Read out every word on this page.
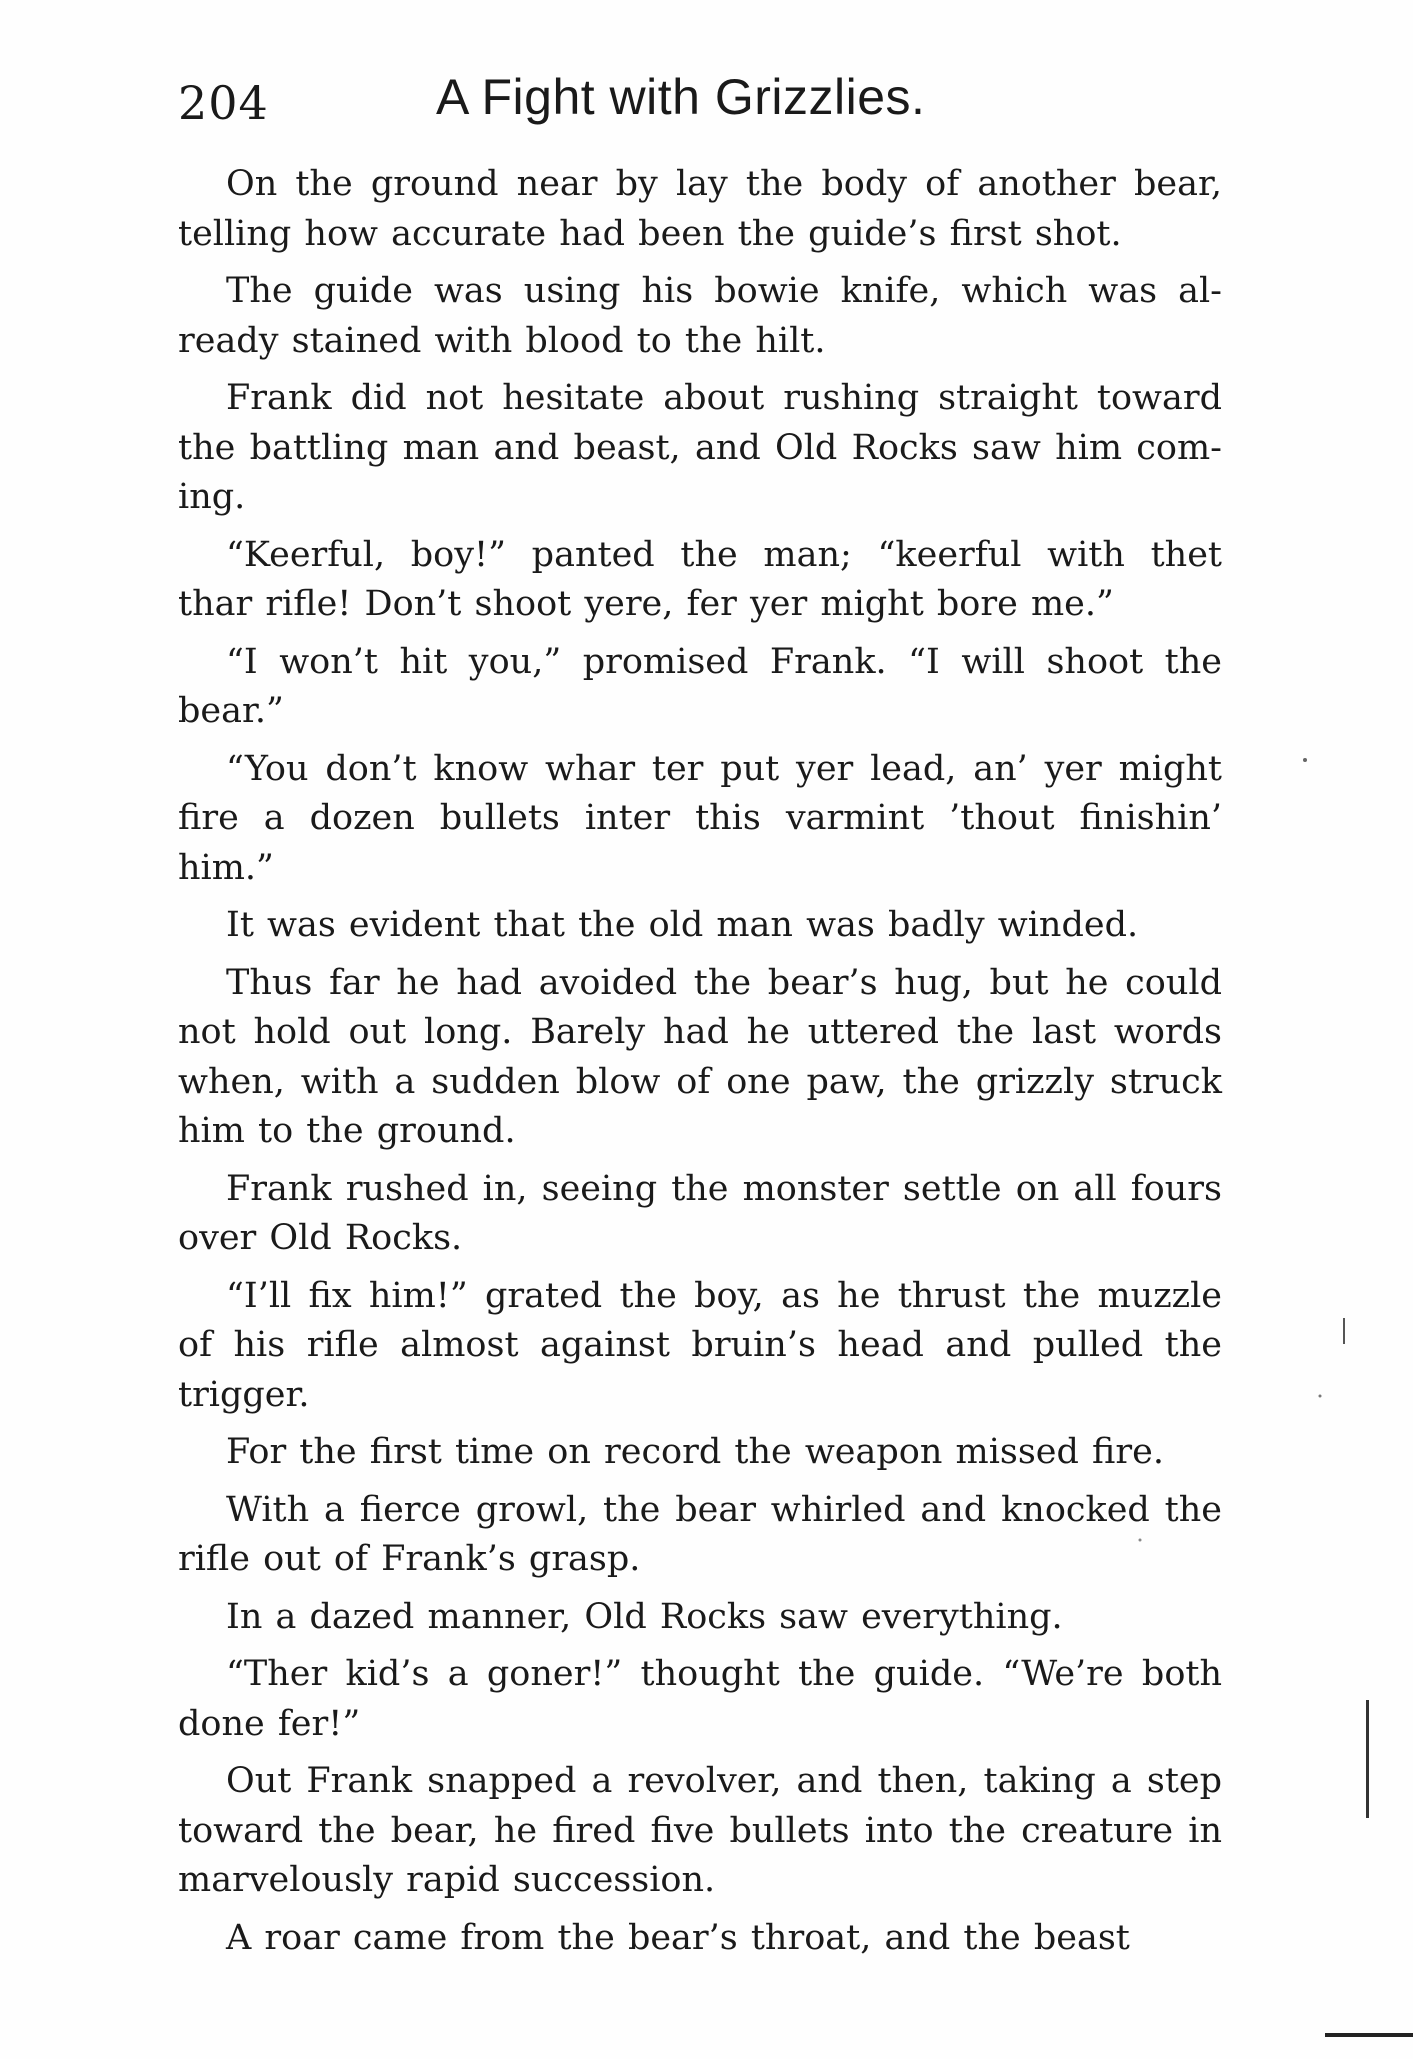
204	A Fight with Grizzlies.
On the ground near by lay the body of another bear,
telling how accurate had been the guide’s first shot.
The guide was using his bowie knife, which was al-
ready stained with blood to the hilt.
Frank did not hesitate about rushing straight toward
the battling man and beast, and Old Rocks saw him com-
ing.
“Keerful, boy!” panted the man; “keerful with thet
thar rifle! Don’t shoot yere, fer yer might bore me.”
“I won’t hit you,” promised Frank. “I will shoot the
bear.”
“You don’t know whar ter put yer lead, an’ yer might
fire a dozen bullets inter this varmint ’thout finishin’
him.”
It was evident that the old man was badly winded.
Thus far he had avoided the bear’s hug, but he could
not hold out long. Barely had he uttered the last words
when, with a sudden blow of one paw, the grizzly struck
him to the ground.
Frank rushed in, seeing the monster settle on all fours
over Old Rocks.
“I’ll fix him!” grated the boy, as he thrust the muzzle
of his rifle almost against bruin’s head and pulled the
trigger.
For the first time on record the weapon missed fire.
With a fierce growl, the bear whirled and knocked the
rifle out of Frank’s grasp.
In a dazed manner, Old Rocks saw everything.
“Ther kid’s a goner!” thought the guide. “We’re both
done fer!”
Out Frank snapped a revolver, and then, taking a step
toward the bear, he fired five bullets into the creature in
marvelously rapid succession.
A roar came from the bear’s throat, and the beast
